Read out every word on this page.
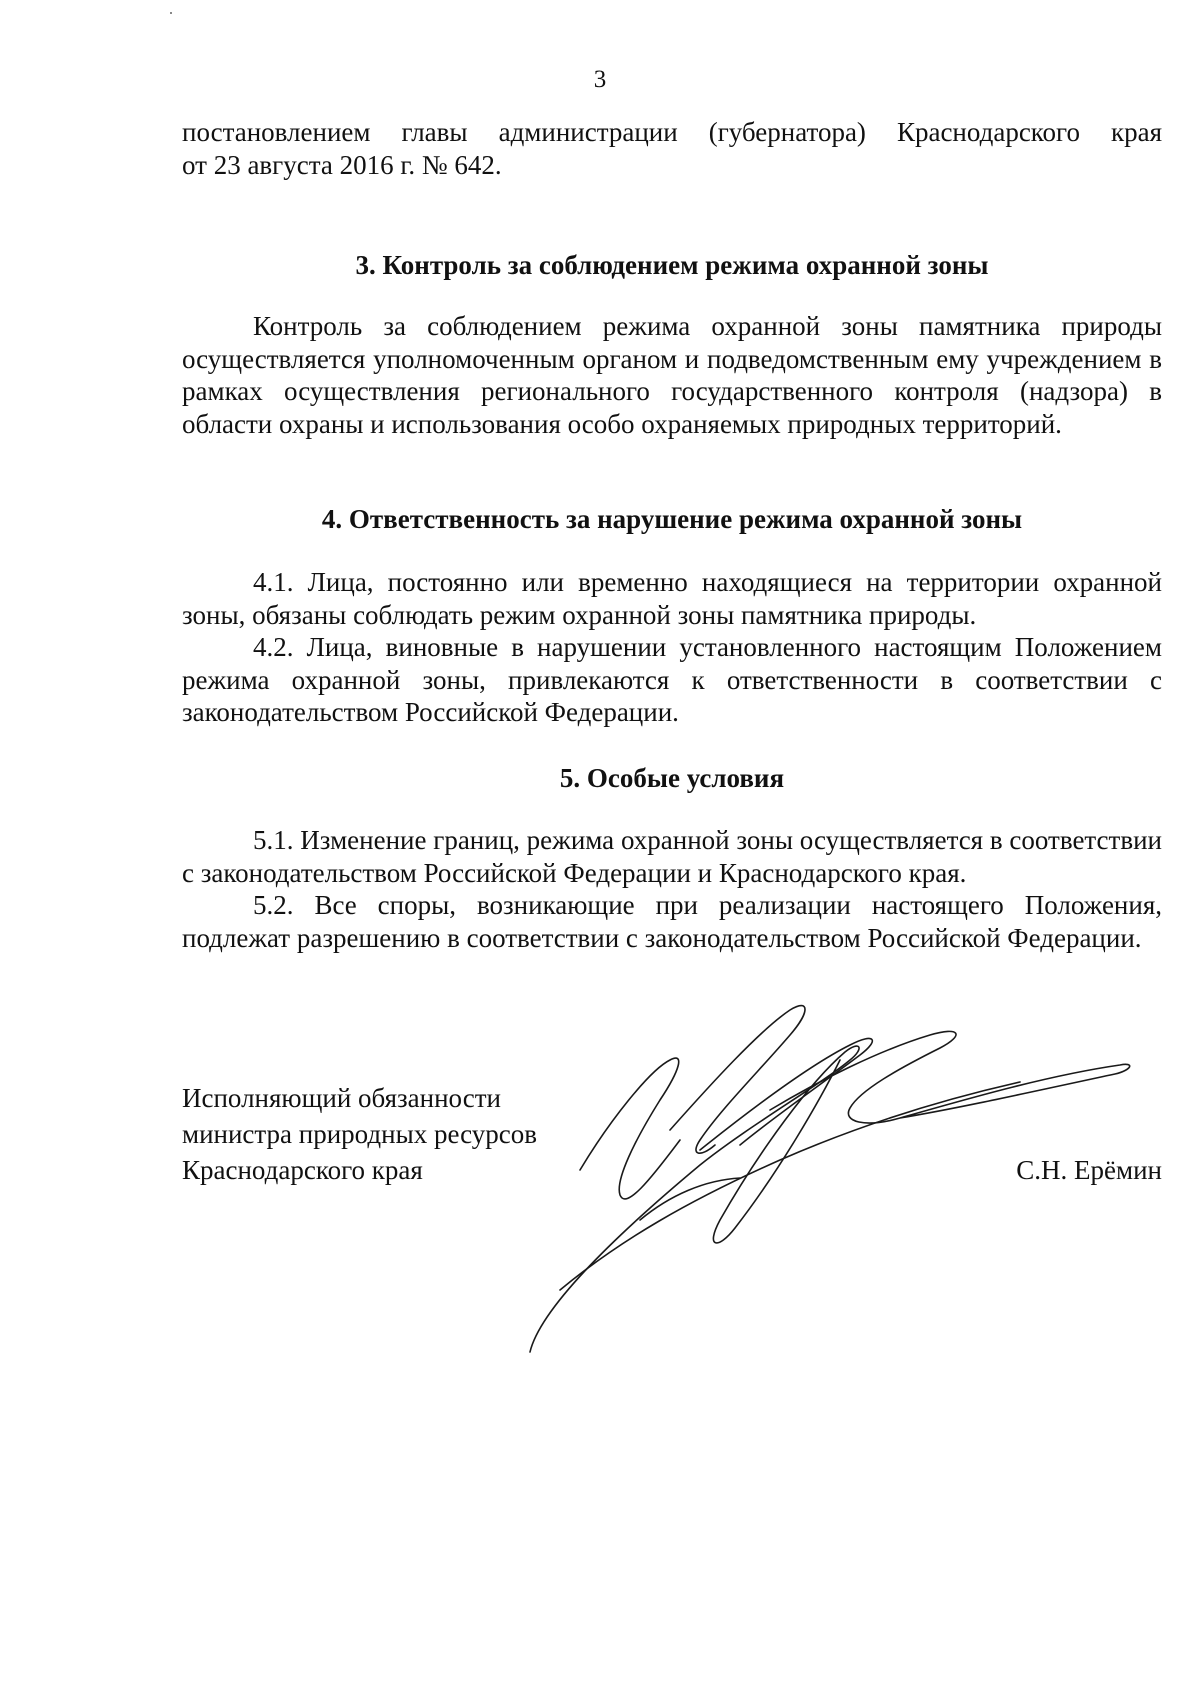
3

постановлением главы администрации (губернатора) Краснодарского края

от 23 августа 2016 г. № 642.

3. Контроль за соблюдением режима охранной зоны

Контроль за соблюдением режима охранной зоны памятника природы осуществляется уполномоченным органом и подведомственным ему учреждением в рамках осуществления регионального государственного контроля (надзора) в области охраны и использования особо охраняемых природных территорий.

4. Ответственность за нарушение режима охранной зоны

4.1. Лица, постоянно или временно находящиеся на территории охранной зоны, обязаны соблюдать режим охранной зоны памятника природы.

4.2. Лица, виновные в нарушении установленного настоящим Положением режима охранной зоны, привлекаются к ответственности в соответствии с законодательством Российской Федерации.

5. Особые условия

5.1. Изменение границ, режима охранной зоны осуществляется в соответствии с законодательством Российской Федерации и Краснодарского края.

5.2. Все споры, возникающие при реализации настоящего Положения, подлежат разрешению в соответствии с законодательством Российской Федерации.

Исполняющий обязанности
министра природных ресурсов
Краснодарского края	С.Н. Ерёмин
